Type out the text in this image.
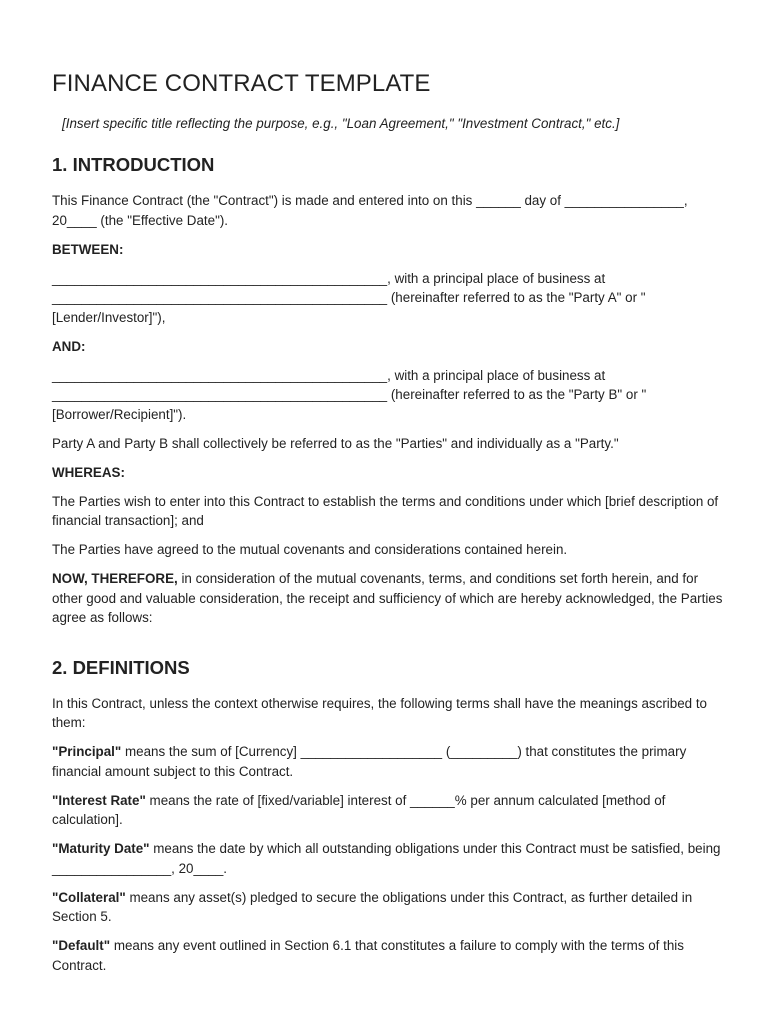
FINANCE CONTRACT TEMPLATE

[Insert specific title reflecting the purpose, e.g., "Loan Agreement," "Investment Contract," etc.]

1. INTRODUCTION

This Finance Contract (the "Contract") is made and entered into on this ______ day of ________________, 20____ (the "Effective Date").

BETWEEN:

_____________________________________________, with a principal place of business at _____________________________________________ (hereinafter referred to as the "Party A" or "[Lender/Investor]"),

AND:

_____________________________________________, with a principal place of business at _____________________________________________ (hereinafter referred to as the "Party B" or "[Borrower/Recipient]").

Party A and Party B shall collectively be referred to as the "Parties" and individually as a "Party."

WHEREAS:

The Parties wish to enter into this Contract to establish the terms and conditions under which [brief description of financial transaction]; and

The Parties have agreed to the mutual covenants and considerations contained herein.

NOW, THEREFORE, in consideration of the mutual covenants, terms, and conditions set forth herein, and for other good and valuable consideration, the receipt and sufficiency of which are hereby acknowledged, the Parties agree as follows:

2. DEFINITIONS

In this Contract, unless the context otherwise requires, the following terms shall have the meanings ascribed to them:

"Principal" means the sum of [Currency] ___________________ (_________) that constitutes the primary financial amount subject to this Contract.

"Interest Rate" means the rate of [fixed/variable] interest of ______% per annum calculated [method of calculation].

"Maturity Date" means the date by which all outstanding obligations under this Contract must be satisfied, being ________________, 20____.

"Collateral" means any asset(s) pledged to secure the obligations under this Contract, as further detailed in Section 5.

"Default" means any event outlined in Section 6.1 that constitutes a failure to comply with the terms of this Contract.
